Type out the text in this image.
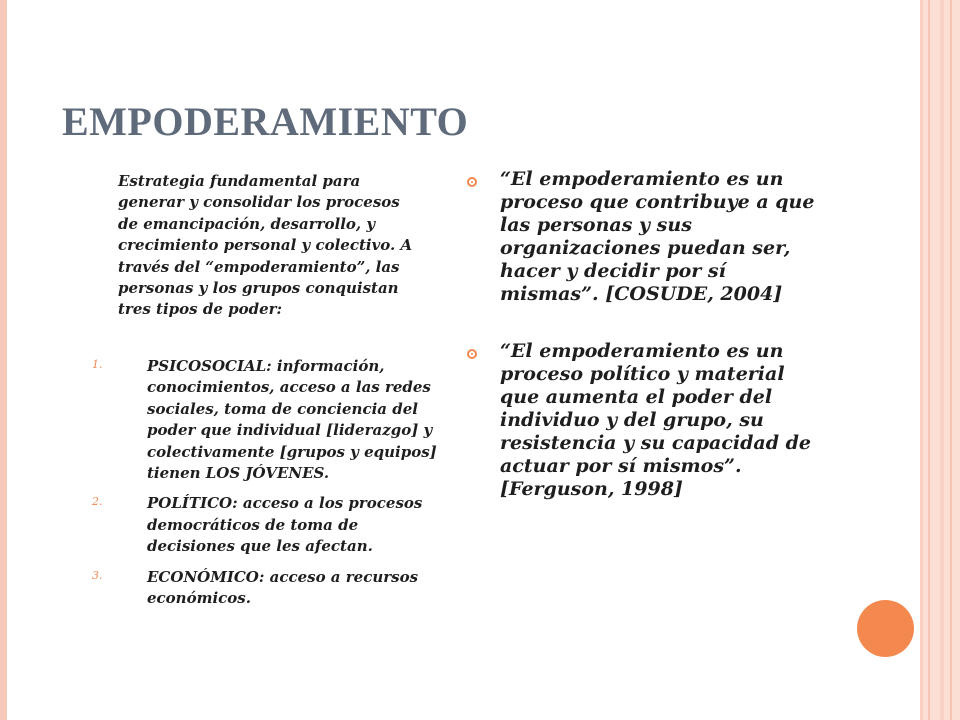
EMPODERAMIENTO

Estrategia fundamental para generar y consolidar los procesos de emancipación, desarrollo, y crecimiento personal y colectivo. A través del “empoderamiento”, las personas y los grupos conquistan tres tipos de poder:

1.	PSICOSOCIAL: información, conocimientos, acceso a las redes sociales, toma de conciencia del poder que individual [liderazgo] y colectivamente [grupos y equipos] tienen LOS JÓVENES.
2.	POLÍTICO: acceso a los procesos democráticos de toma de decisiones que les afectan.
3.	ECONÓMICO: acceso a recursos económicos.
“El empoderamiento es un proceso que contribuye a que las personas y sus organizaciones puedan ser, hacer y decidir por sí mismas”. [COSUDE, 2004]
“El empoderamiento es un proceso político y material que aumenta el poder del individuo y del grupo, su resistencia y su capacidad de actuar por sí mismos”. [Ferguson, 1998]
